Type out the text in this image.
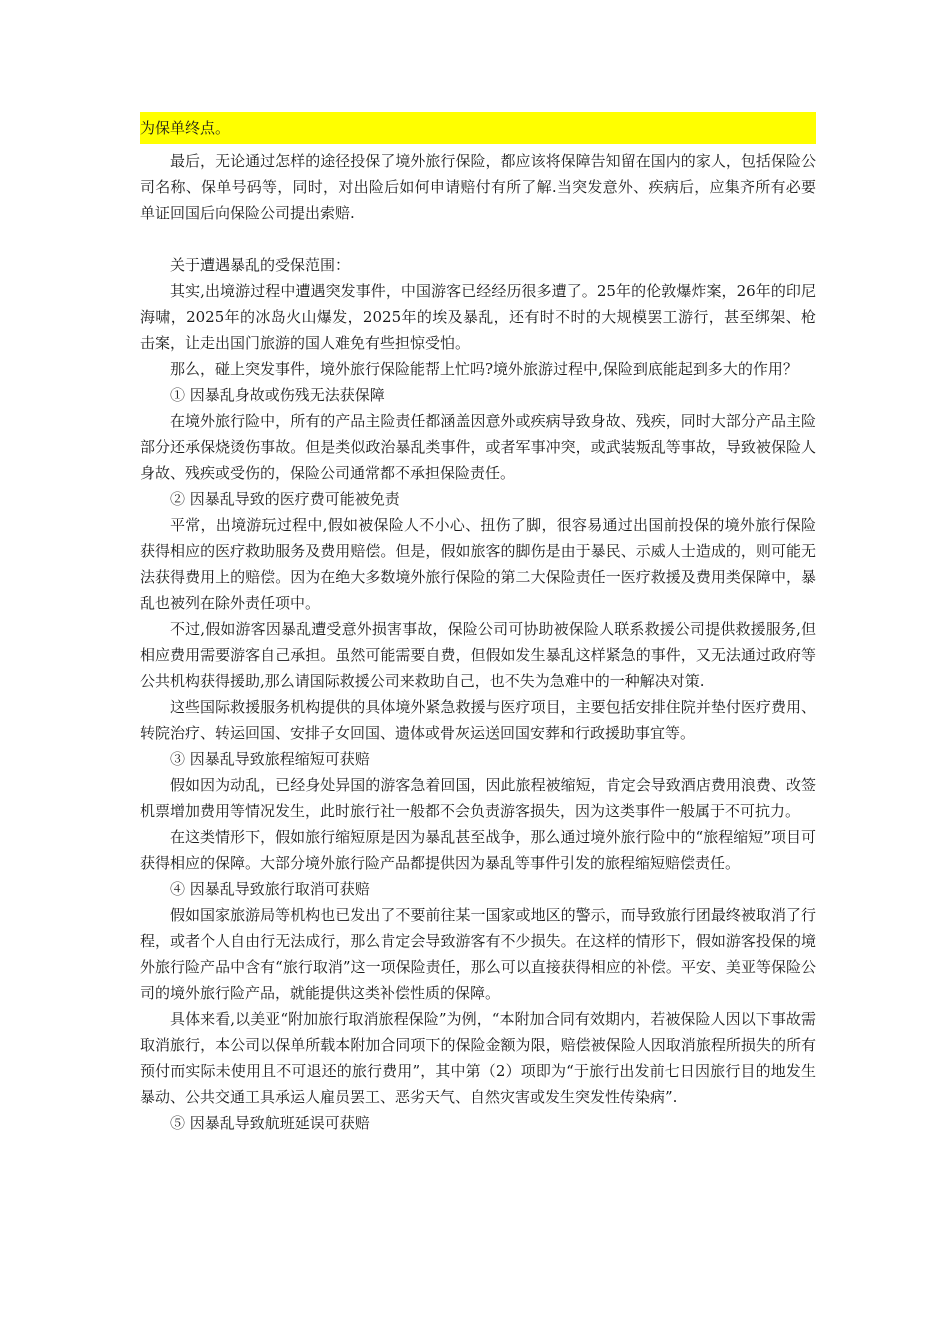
为保单终点。

最后，无论通过怎样的途径投保了境外旅行保险，都应该将保障告知留在国内的家人，包括保险公司名称、保单号码等，同时，对出险后如何申请赔付有所了解.当突发意外、疾病后，应集齐所有必要单证回国后向保险公司提出索赔.

关于遭遇暴乱的受保范围：

其实,出境游过程中遭遇突发事件，中国游客已经经历很多遭了。25年的伦敦爆炸案，26年的印尼海啸，2025年的冰岛火山爆发，2025年的埃及暴乱，还有时不时的大规模罢工游行，甚至绑架、枪击案，让走出国门旅游的国人难免有些担惊受怕。

那么，碰上突发事件，境外旅行保险能帮上忙吗?境外旅游过程中,保险到底能起到多大的作用？

① 因暴乱身故或伤残无法获保障

在境外旅行险中，所有的产品主险责任都涵盖因意外或疾病导致身故、残疾，同时大部分产品主险部分还承保烧烫伤事故。但是类似政治暴乱类事件，或者军事冲突，或武装叛乱等事故，导致被保险人身故、残疾或受伤的，保险公司通常都不承担保险责任。

② 因暴乱导致的医疗费可能被免责

平常，出境游玩过程中,假如被保险人不小心、扭伤了脚，很容易通过出国前投保的境外旅行保险获得相应的医疗救助服务及费用赔偿。但是，假如旅客的脚伤是由于暴民、示威人士造成的，则可能无法获得费用上的赔偿。因为在绝大多数境外旅行保险的第二大保险责任一医疗救援及费用类保障中，暴乱也被列在除外责任项中。

不过,假如游客因暴乱遭受意外损害事故，保险公司可协助被保险人联系救援公司提供救援服务,但相应费用需要游客自己承担。虽然可能需要自费，但假如发生暴乱这样紧急的事件，又无法通过政府等公共机构获得援助,那么请国际救援公司来救助自己，也不失为急难中的一种解决对策.

这些国际救援服务机构提供的具体境外紧急救援与医疗项目，主要包括安排住院并垫付医疗费用、转院治疗、转运回国、安排子女回国、遗体或骨灰运送回国安葬和行政援助事宜等。

③ 因暴乱导致旅程缩短可获赔

假如因为动乱，已经身处异国的游客急着回国，因此旅程被缩短，肯定会导致酒店费用浪费、改签机票增加费用等情况发生，此时旅行社一般都不会负责游客损失，因为这类事件一般属于不可抗力。

在这类情形下，假如旅行缩短原是因为暴乱甚至战争，那么通过境外旅行险中的“旅程缩短”项目可获得相应的保障。大部分境外旅行险产品都提供因为暴乱等事件引发的旅程缩短赔偿责任。

④ 因暴乱导致旅行取消可获赔

假如国家旅游局等机构也已发出了不要前往某一国家或地区的警示，而导致旅行团最终被取消了行程，或者个人自由行无法成行，那么肯定会导致游客有不少损失。在这样的情形下，假如游客投保的境外旅行险产品中含有“旅行取消”这一项保险责任，那么可以直接获得相应的补偿。平安、美亚等保险公司的境外旅行险产品，就能提供这类补偿性质的保障。

具体来看,以美亚“附加旅行取消旅程保险”为例，“本附加合同有效期内，若被保险人因以下事故需取消旅行，本公司以保单所载本附加合同项下的保险金额为限，赔偿被保险人因取消旅程所损失的所有预付而实际未使用且不可退还的旅行费用”，其中第（2）项即为“于旅行出发前七日因旅行目的地发生暴动、公共交通工具承运人雇员罢工、恶劣天气、自然灾害或发生突发性传染病”.

⑤ 因暴乱导致航班延误可获赔
